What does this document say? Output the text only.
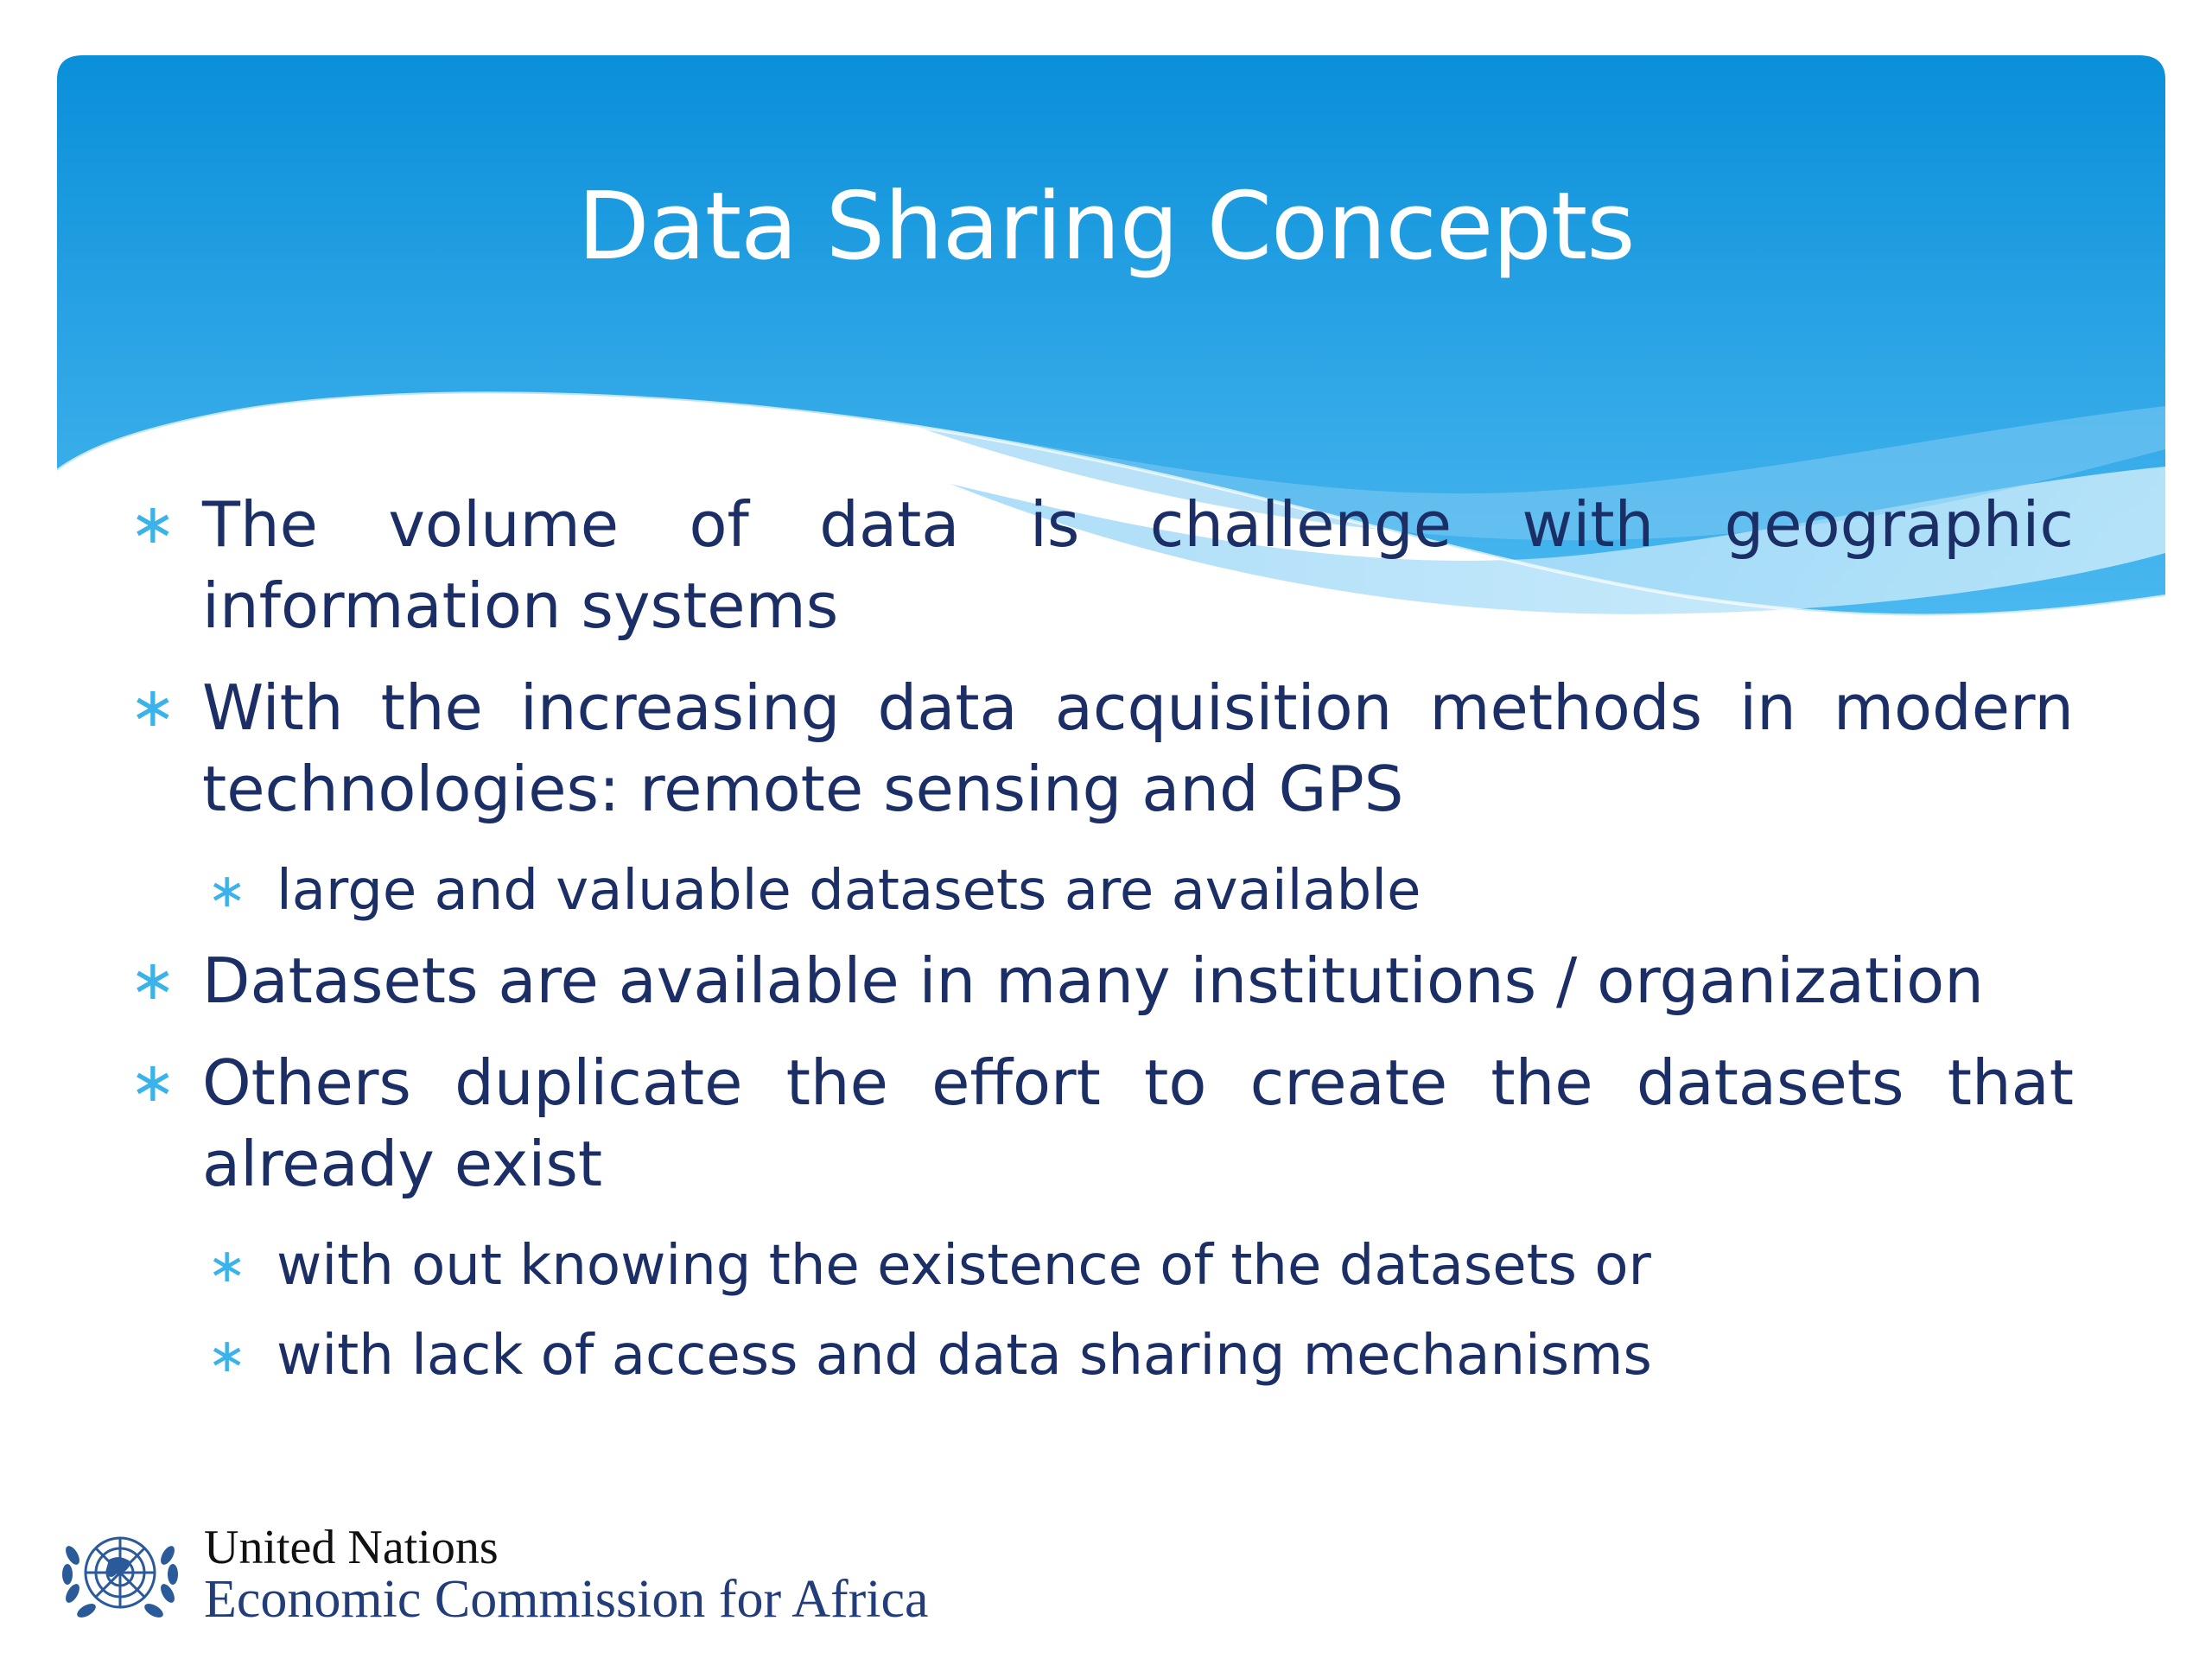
Data Sharing Concepts
∗ The volume of data is challenge with geographic information systems
∗ With the increasing data acquisition methods in modern technologies: remote sensing and GPS
∗ large and valuable datasets are available
∗ Datasets are available in many institutions / organization
∗ Others duplicate the effort to create the datasets that already exist
∗ with out knowing the existence of the datasets or
∗ with lack of access and data sharing mechanisms
United Nations
Economic Commission for Africa
